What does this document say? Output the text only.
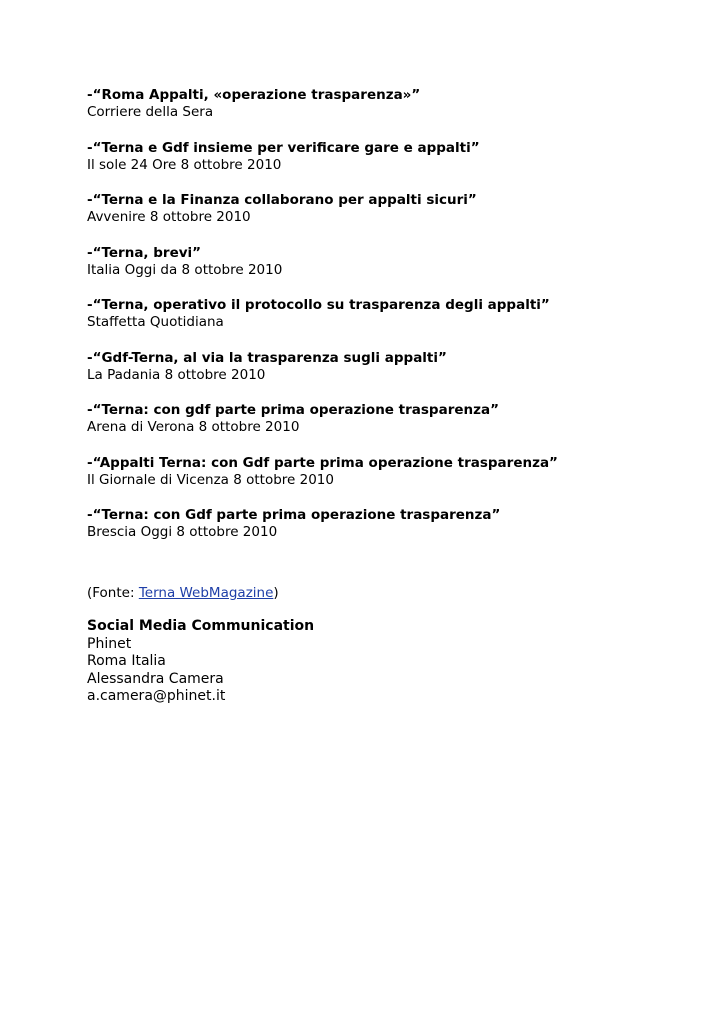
-“Roma Appalti, «operazione trasparenza»”
Corriere della Sera
-“Terna e Gdf insieme per verificare gare e appalti”
Il sole 24 Ore 8 ottobre 2010
-“Terna e la Finanza collaborano per appalti sicuri”
Avvenire 8 ottobre 2010
-“Terna, brevi”
Italia Oggi da 8 ottobre 2010
-“Terna, operativo il protocollo su trasparenza degli appalti”
Staffetta Quotidiana
-“Gdf-Terna, al via la trasparenza sugli appalti”
La Padania 8 ottobre 2010
-“Terna: con gdf parte prima operazione trasparenza”
Arena di Verona 8 ottobre 2010
-“Appalti Terna: con Gdf parte prima operazione trasparenza”
Il Giornale di Vicenza 8 ottobre 2010
-“Terna: con Gdf parte prima operazione trasparenza”
Brescia Oggi 8 ottobre 2010
(Fonte: Terna WebMagazine)
Social Media Communication
Phinet
Roma Italia
Alessandra Camera
a.camera@phinet.it
